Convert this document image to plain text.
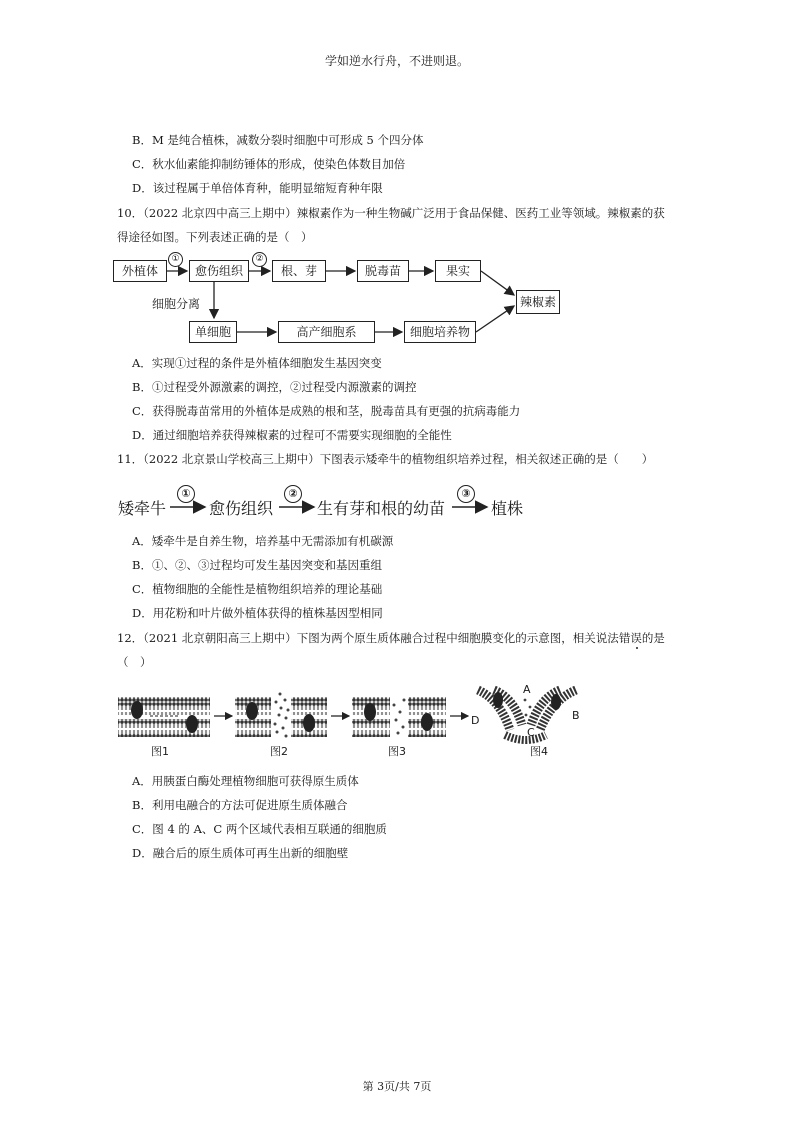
学如逆水行舟，不进则退。
B．M 是纯合植株，减数分裂时细胞中可形成 5 个四分体
C．秋水仙素能抑制纺锤体的形成，使染色体数目加倍
D．该过程属于单倍体育种，能明显缩短育种年限
10．（2022 北京四中高三上期中）辣椒素作为一种生物碱广泛用于食品保健、医药工业等领域。辣椒素的获
得途径如图。下列表述正确的是（　）
外植体
①
愈伤组织
②
根、芽	脱毒苗	果实
辣椒素
细胞分离
单细胞	高产细胞系	细胞培养物
A．实现①过程的条件是外植体细胞发生基因突变
B．①过程受外源激素的调控，②过程受内源激素的调控
C．获得脱毒苗常用的外植体是成熟的根和茎，脱毒苗具有更强的抗病毒能力
D．通过细胞培养获得辣椒素的过程可不需要实现细胞的全能性
11．（2022 北京景山学校高三上期中）下图表示矮牵牛的植物组织培养过程，相关叙述正确的是（　　）
矮牵牛
①
愈伤组织
②
生有芽和根的幼苗
③
植株
A．矮牵牛是自养生物，培养基中无需添加有机碳源
B．①、②、③过程均可发生基因突变和基因重组
C．植物细胞的全能性是植物组织培养的理论基础
D．用花粉和叶片做外植体获得的植株基因型相同
12．（2021 北京朝阳高三上期中）下图为两个原生质体融合过程中细胞膜变化的示意图，相关说法错误的是
（　）
A
B
C
D
图1	图2	图3	图4
A．用胰蛋白酶处理植物细胞可获得原生质体
B．利用电融合的方法可促进原生质体融合
C．图 4 的 A、C 两个区域代表相互联通的细胞质
D．融合后的原生质体可再生出新的细胞壁
第 3页/共 7页
